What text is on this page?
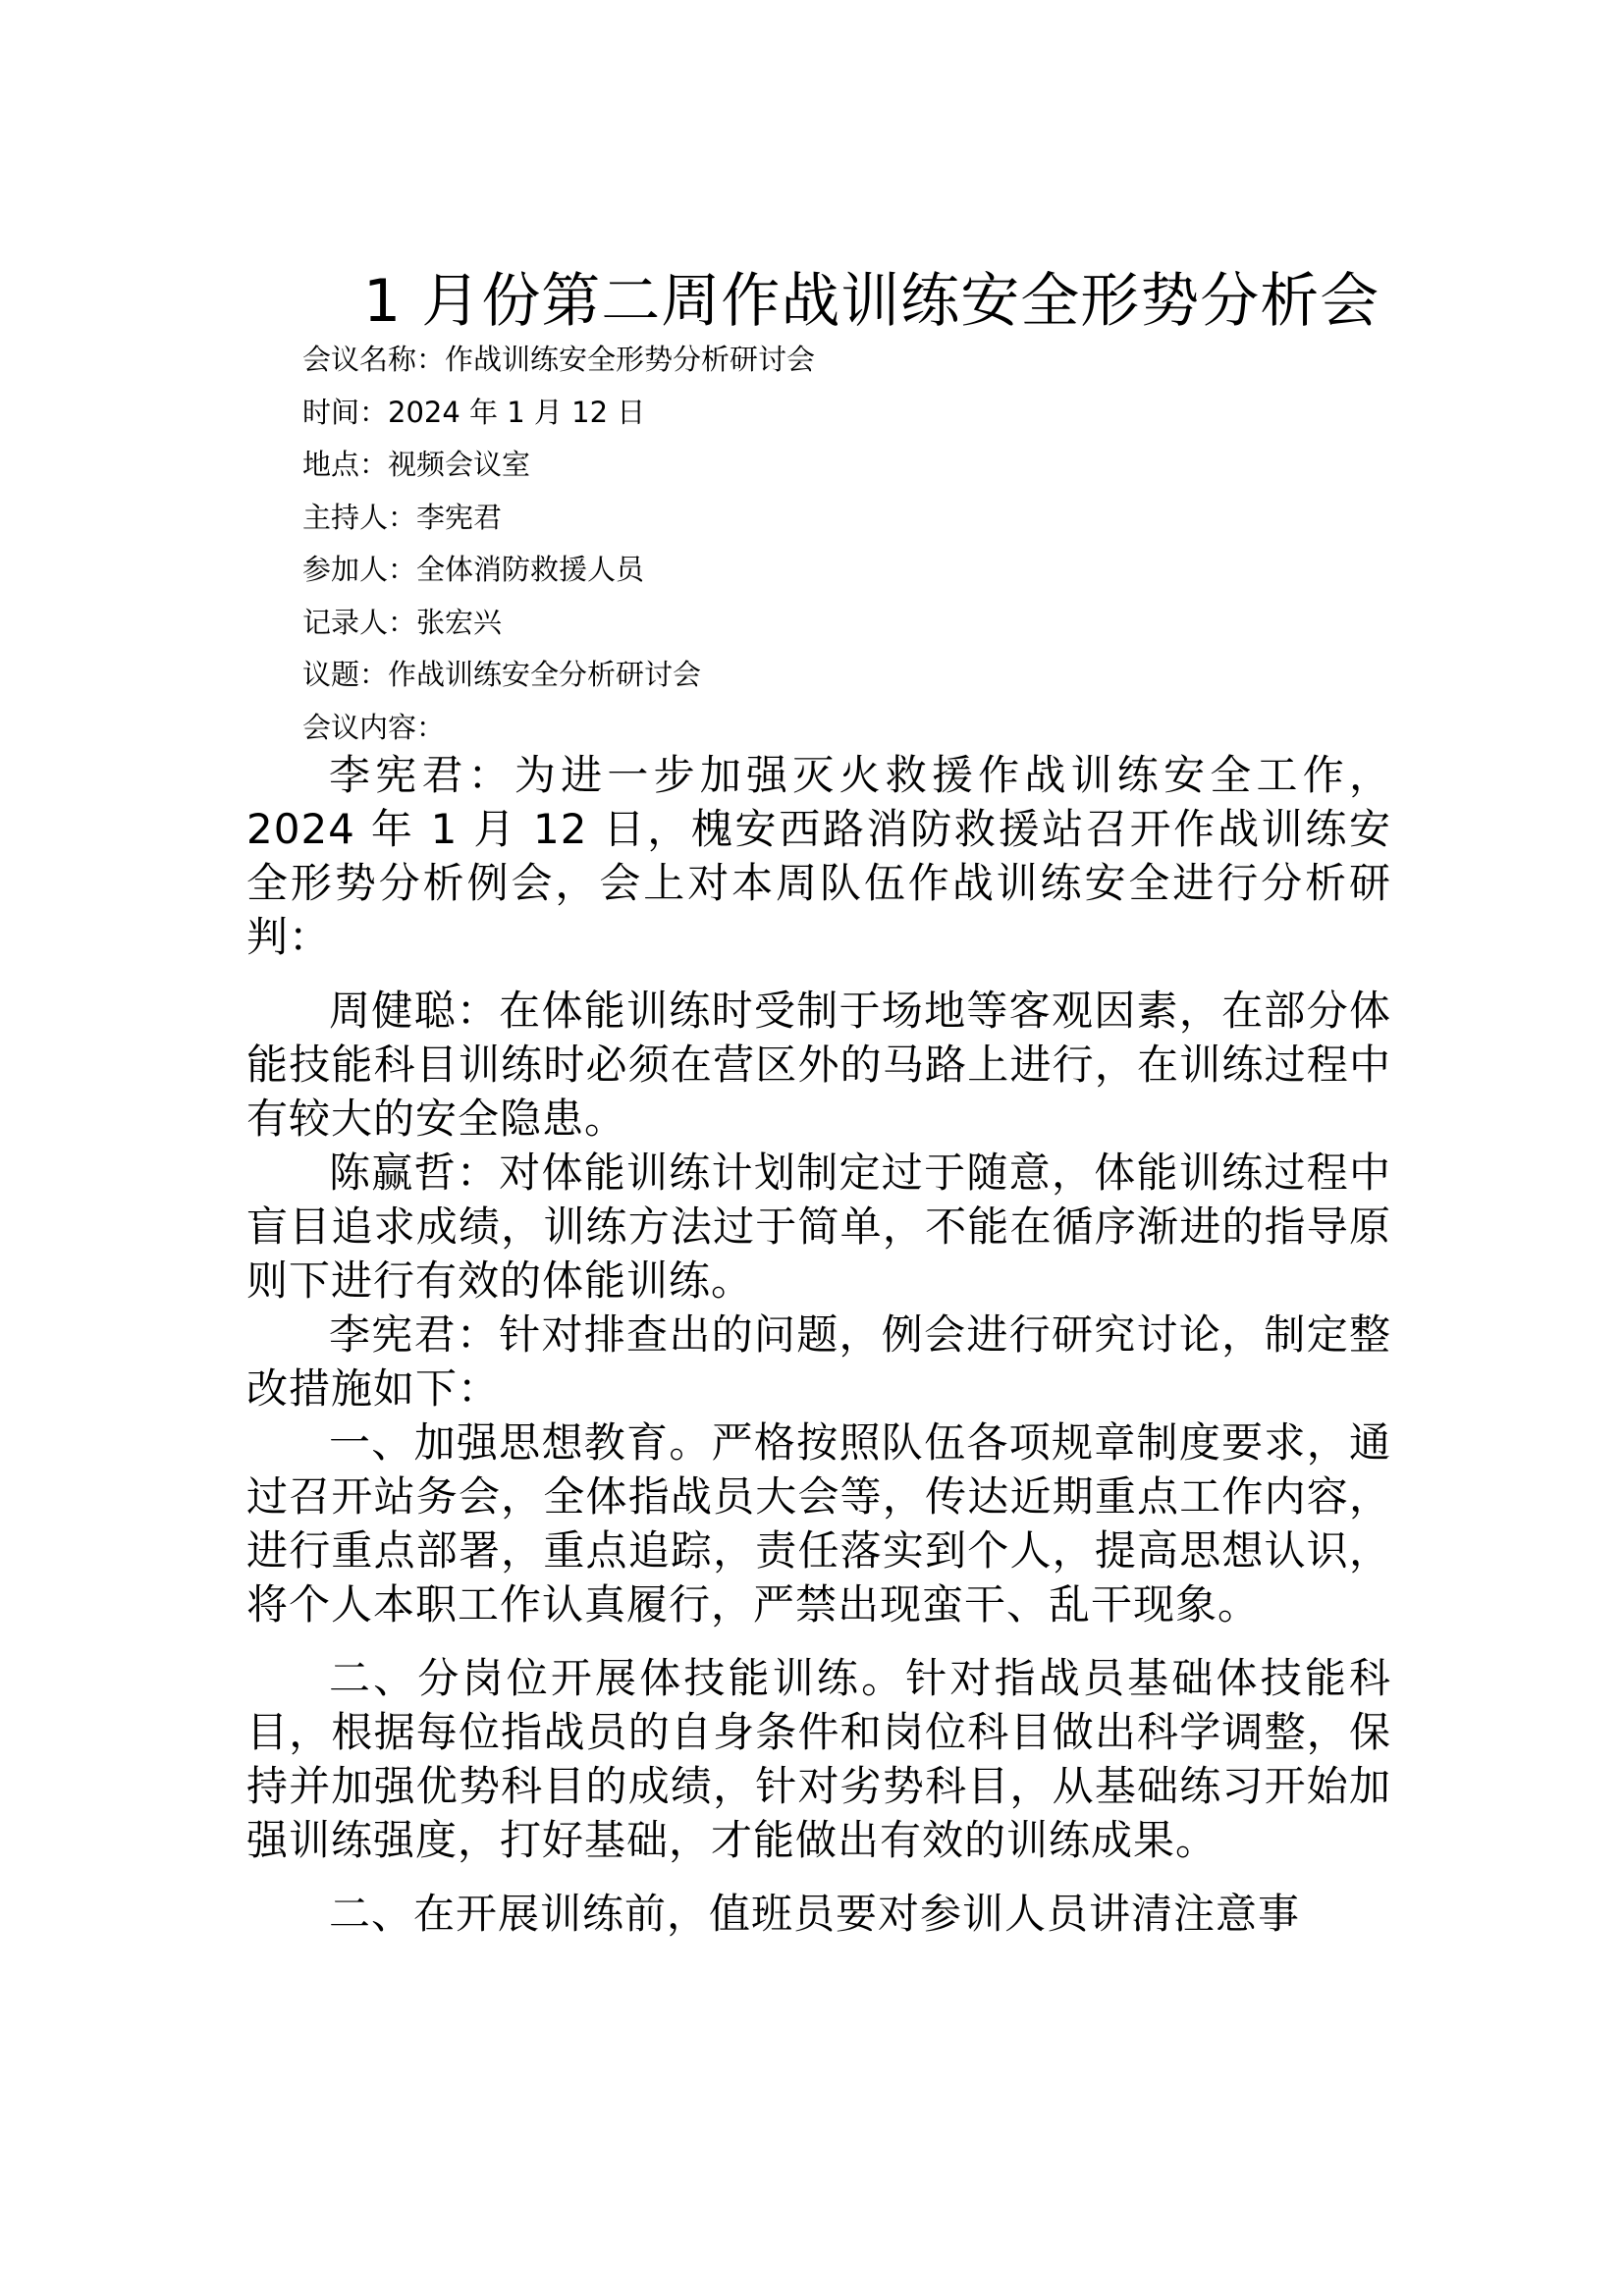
1 月份第二周作战训练安全形势分析会
会议名称：作战训练安全形势分析研讨会
时间：2024 年 1 月 12 日
地点：视频会议室
主持人：李宪君
参加人：全体消防救援人员
记录人：张宏兴
议题：作战训练安全分析研讨会
会议内容：

李宪君：为进一步加强灭火救援作战训练安全工作，2024 年 1 月 12 日，槐安西路消防救援站召开作战训练安全形势分析例会，会上对本周队伍作战训练安全进行分析研判：

周健聪：在体能训练时受制于场地等客观因素，在部分体能技能科目训练时必须在营区外的马路上进行，在训练过程中有较大的安全隐患。

陈赢哲：对体能训练计划制定过于随意，体能训练过程中盲目追求成绩，训练方法过于简单，不能在循序渐进的指导原则下进行有效的体能训练。

李宪君：针对排查出的问题，例会进行研究讨论，制定整改措施如下：

一、加强思想教育。严格按照队伍各项规章制度要求，通过召开站务会，全体指战员大会等，传达近期重点工作内容，进行重点部署，重点追踪，责任落实到个人，提高思想认识，将个人本职工作认真履行，严禁出现蛮干、乱干现象。

二、分岗位开展体技能训练。针对指战员基础体技能科目，根据每位指战员的自身条件和岗位科目做出科学调整，保持并加强优势科目的成绩，针对劣势科目，从基础练习开始加强训练强度，打好基础，才能做出有效的训练成果。

二、在开展训练前，值班员要对参训人员讲清注意事
